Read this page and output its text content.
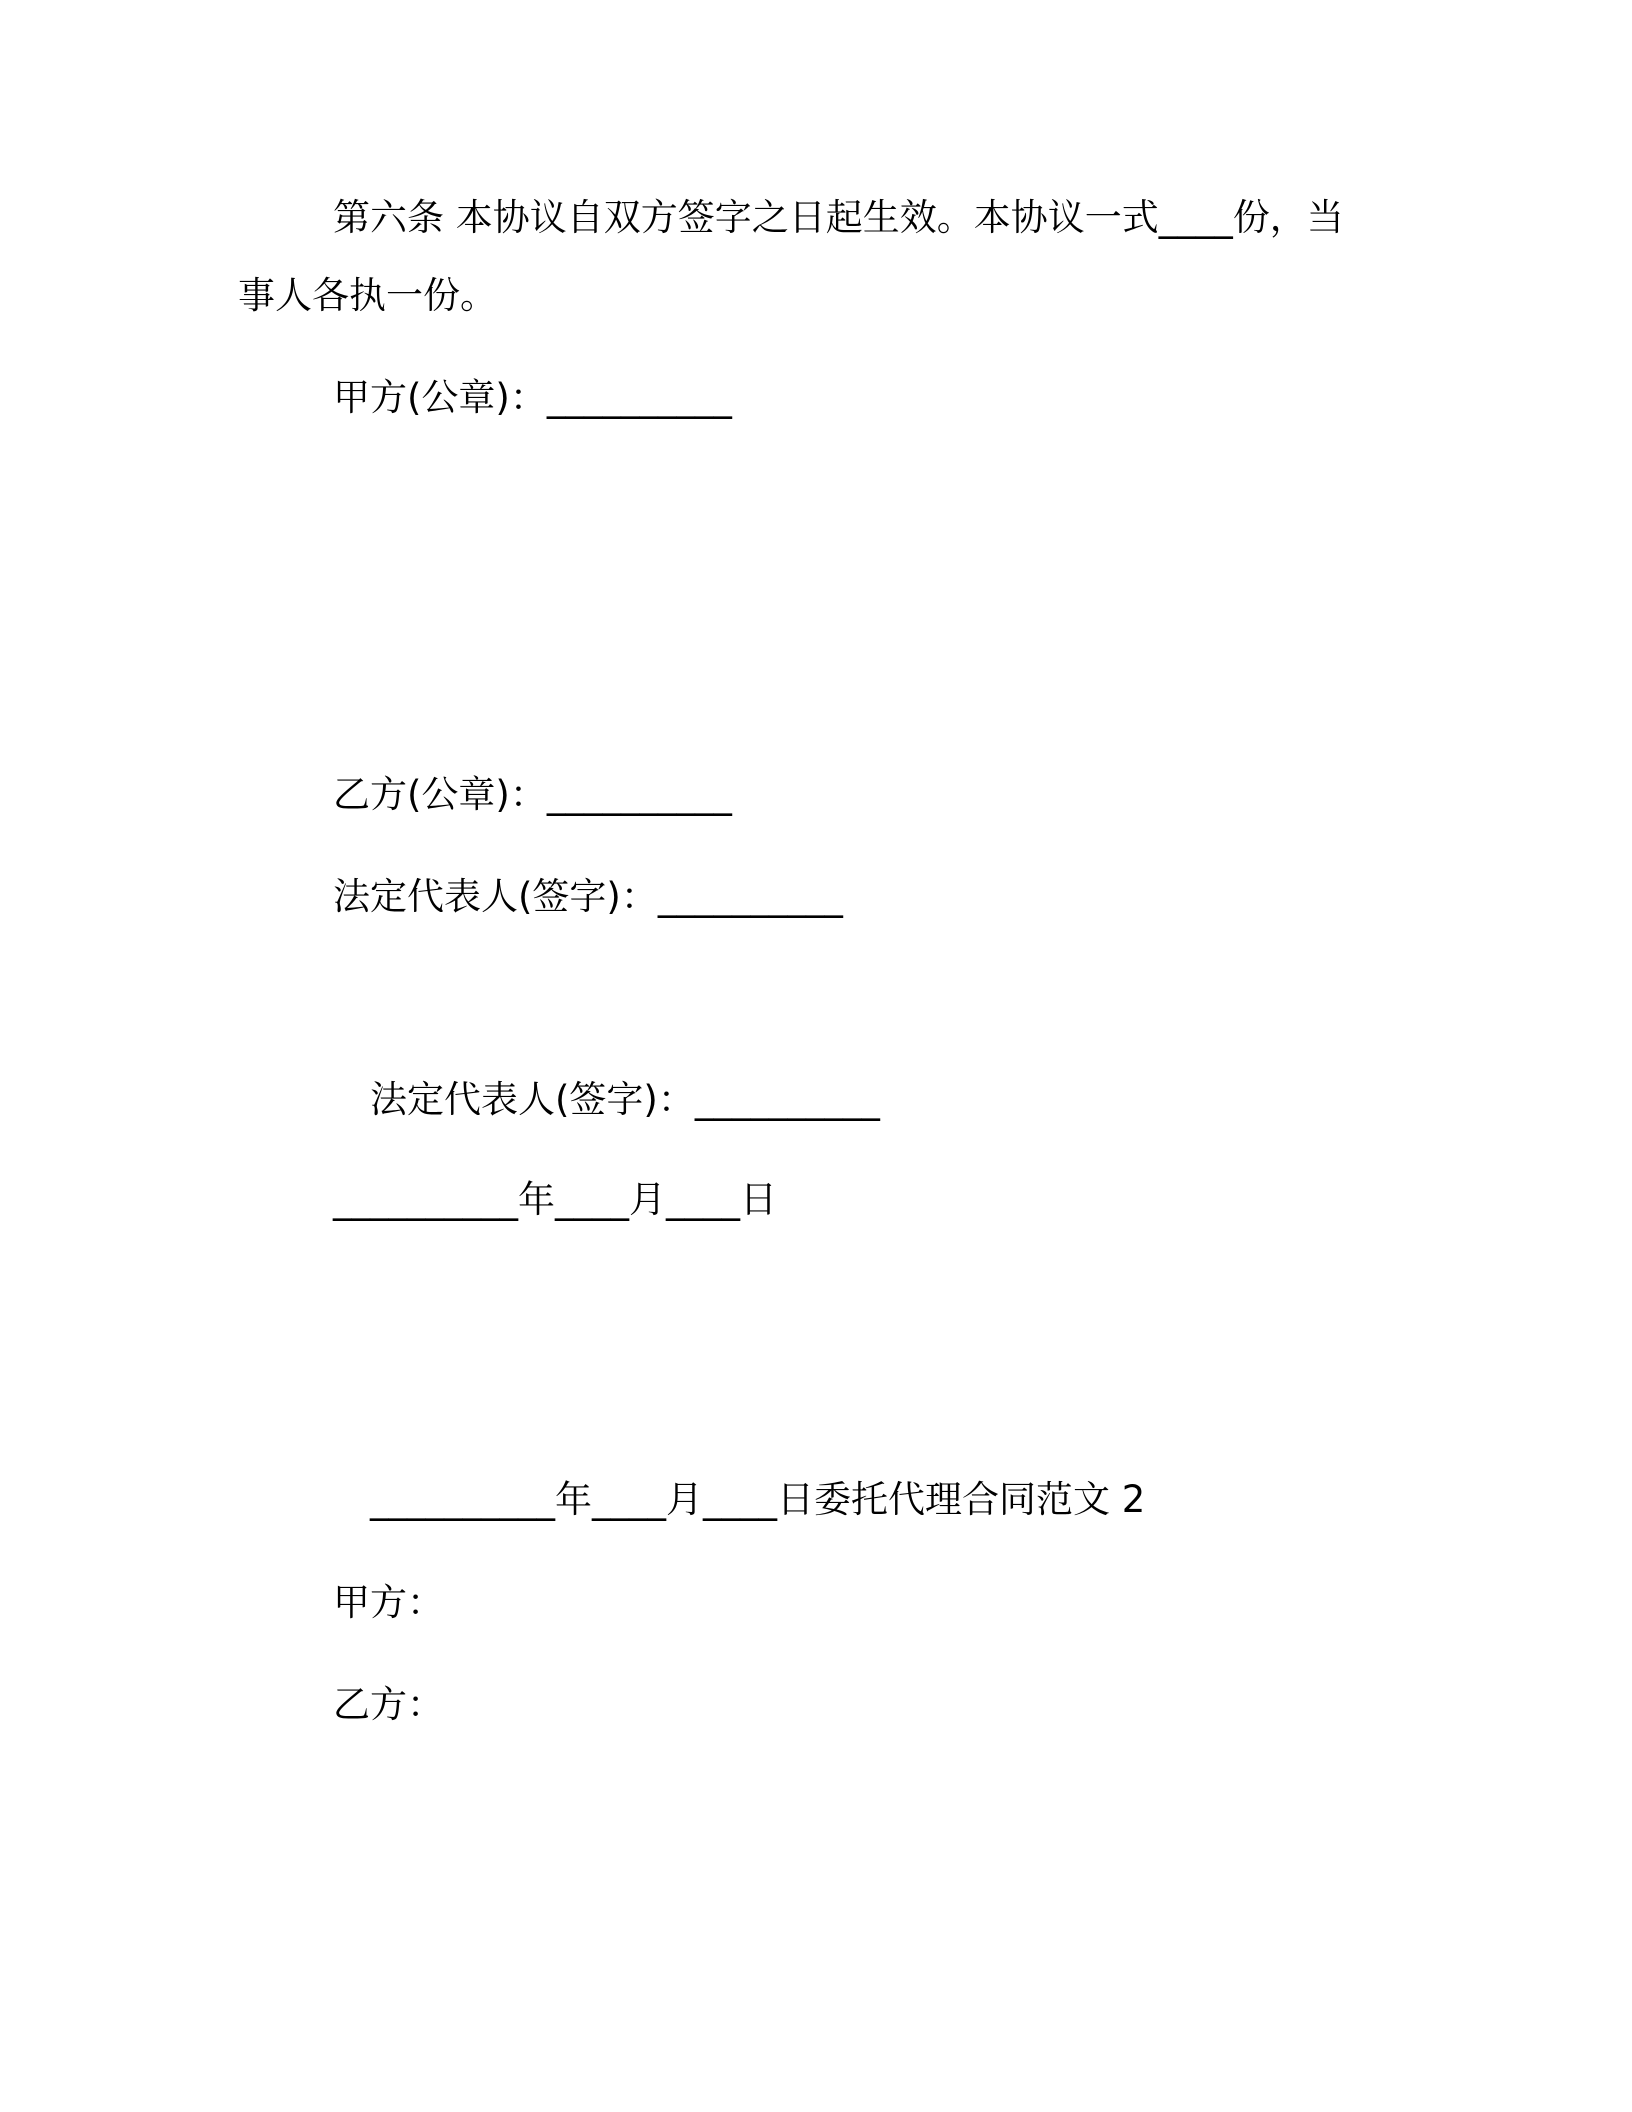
第六条 本协议自双方签字之日起生效。本协议一式____份，当

事人各执一份。

甲方(公章)：__________

乙方(公章)：__________

法定代表人(签字)：__________

法定代表人(签字)：__________

__________年____月____日

__________年____月____日委托代理合同范文 2

甲方：

乙方：
